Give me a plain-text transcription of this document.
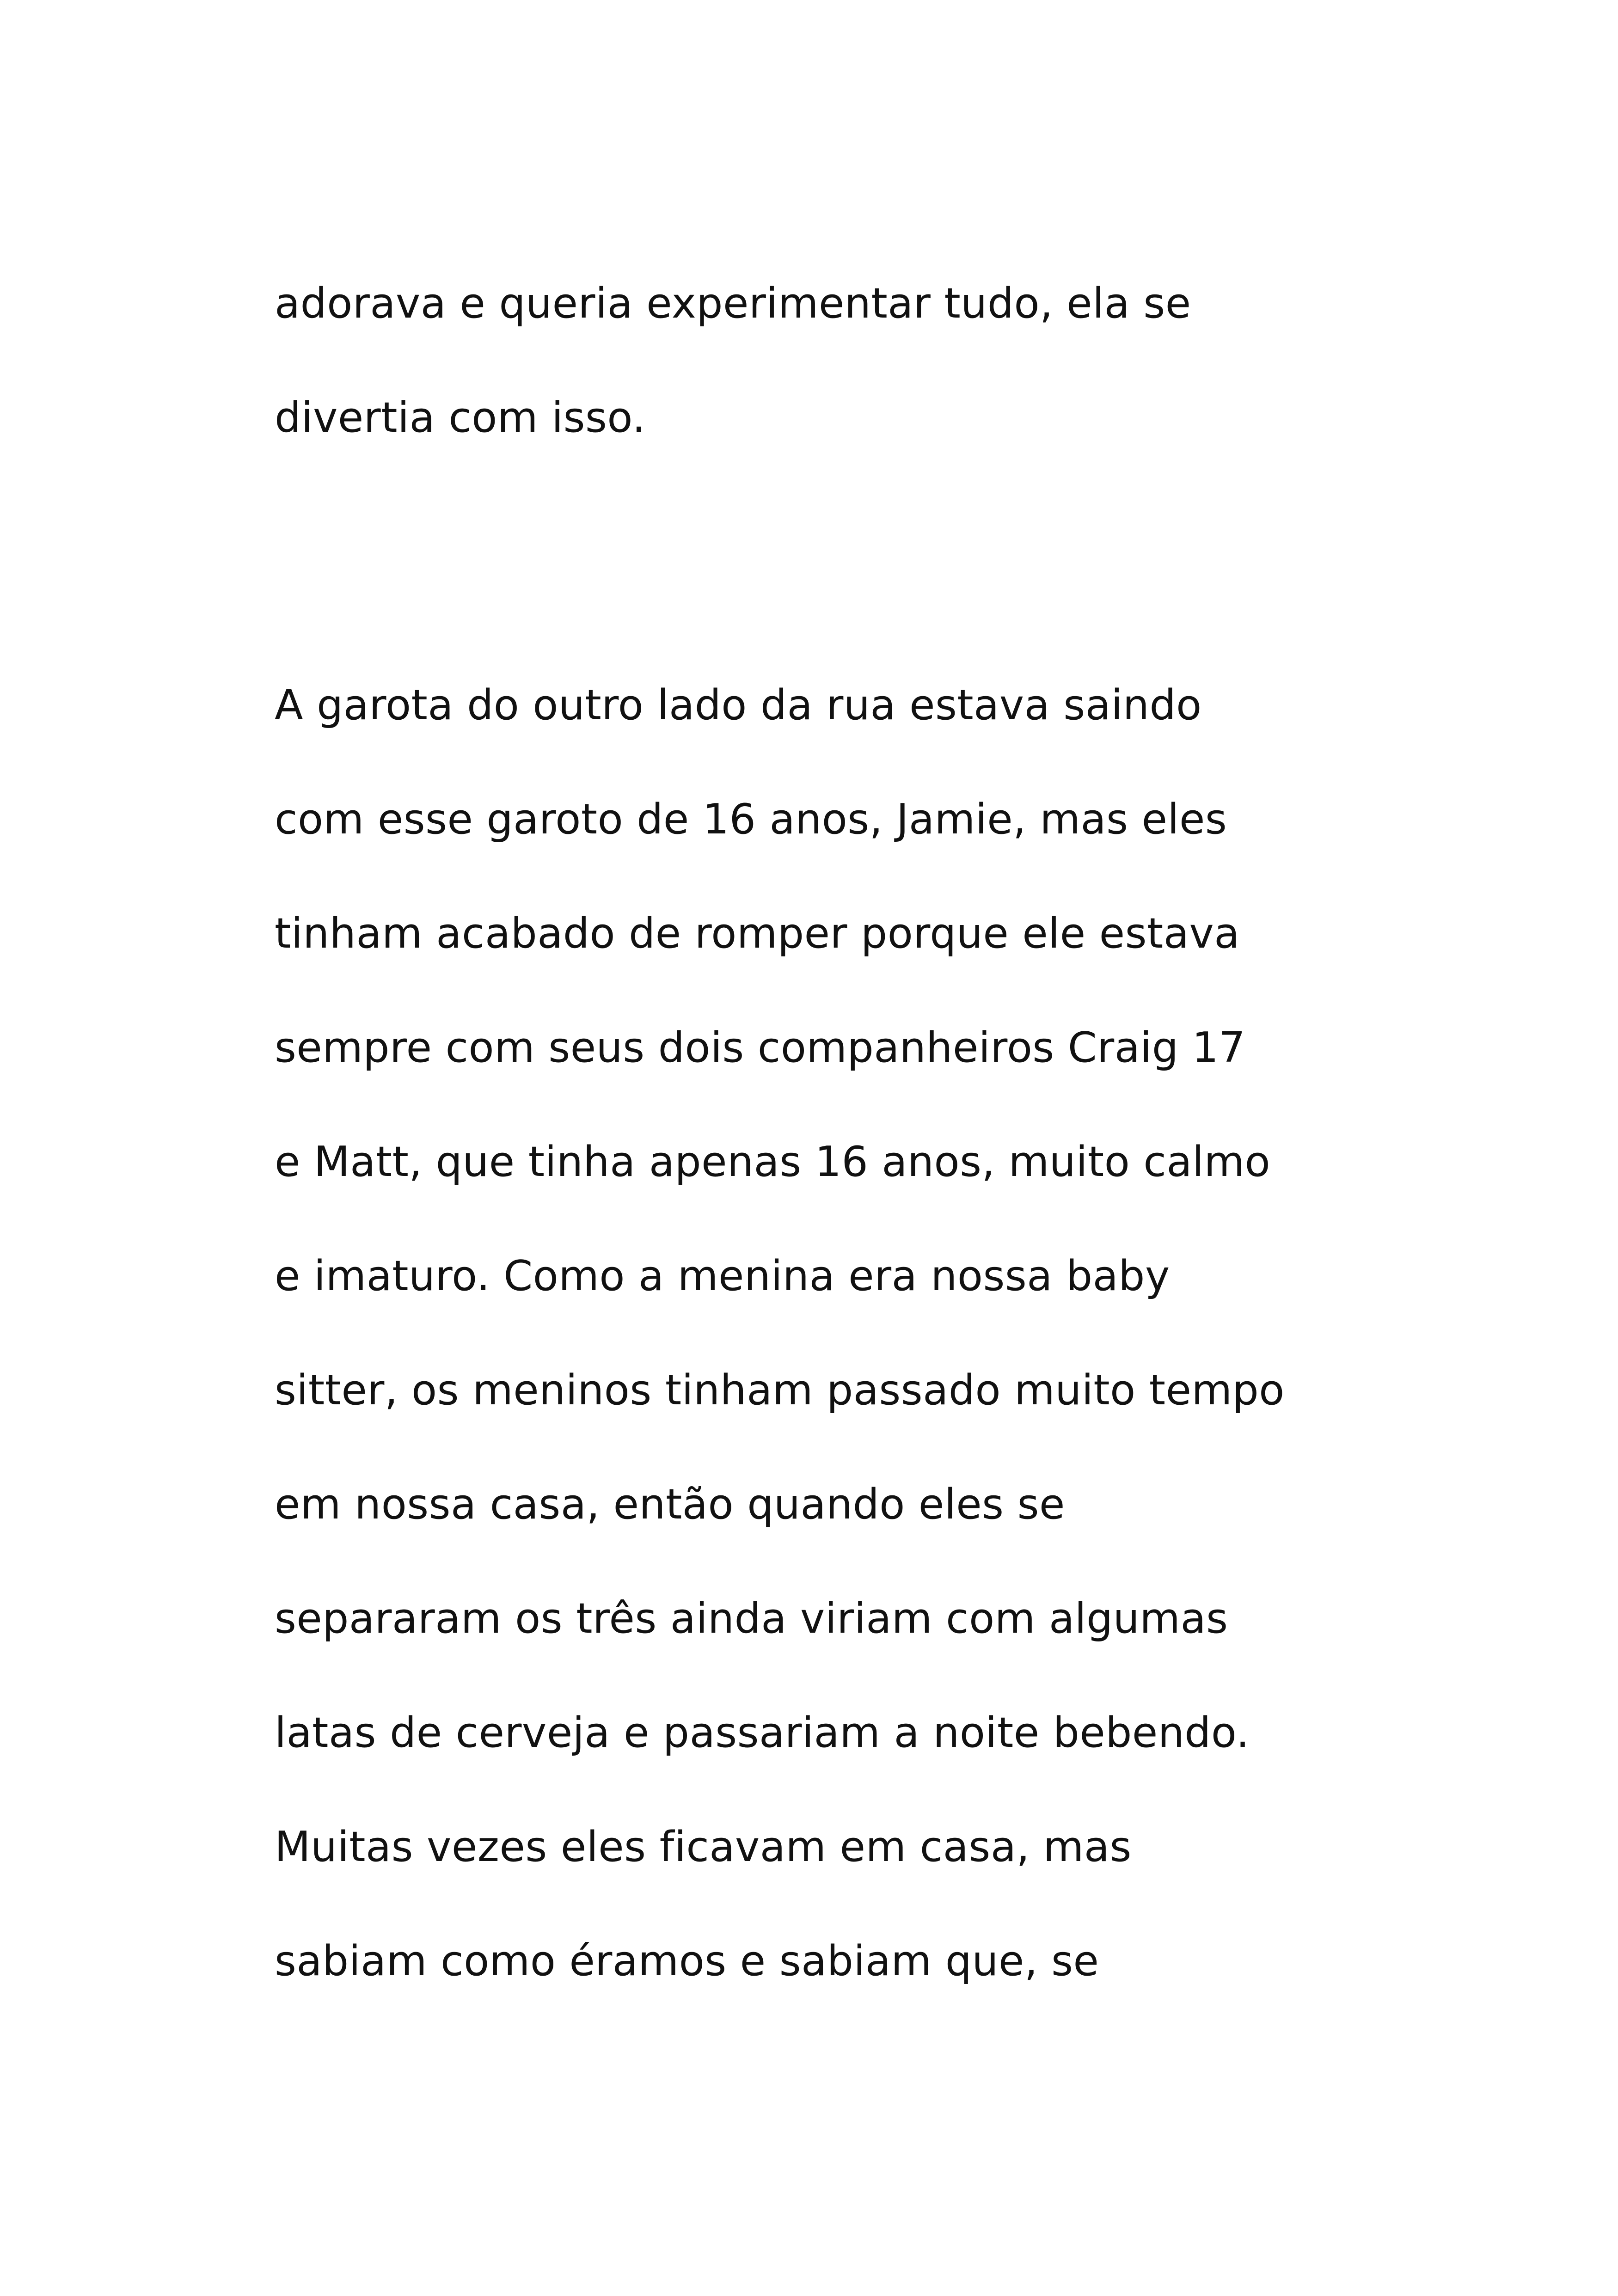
adorava e queria experimentar tudo, ela se
divertia com isso.
A garota do outro lado da rua estava saindo
com esse garoto de 16 anos, Jamie, mas eles
tinham acabado de romper porque ele estava
sempre com seus dois companheiros Craig 17
e Matt, que tinha apenas 16 anos, muito calmo
e imaturo. Como a menina era nossa baby
sitter, os meninos tinham passado muito tempo
em nossa casa, então quando eles se
separaram os três ainda viriam com algumas
latas de cerveja e passariam a noite bebendo.
Muitas vezes eles ficavam em casa, mas
sabiam como éramos e sabiam que, se
